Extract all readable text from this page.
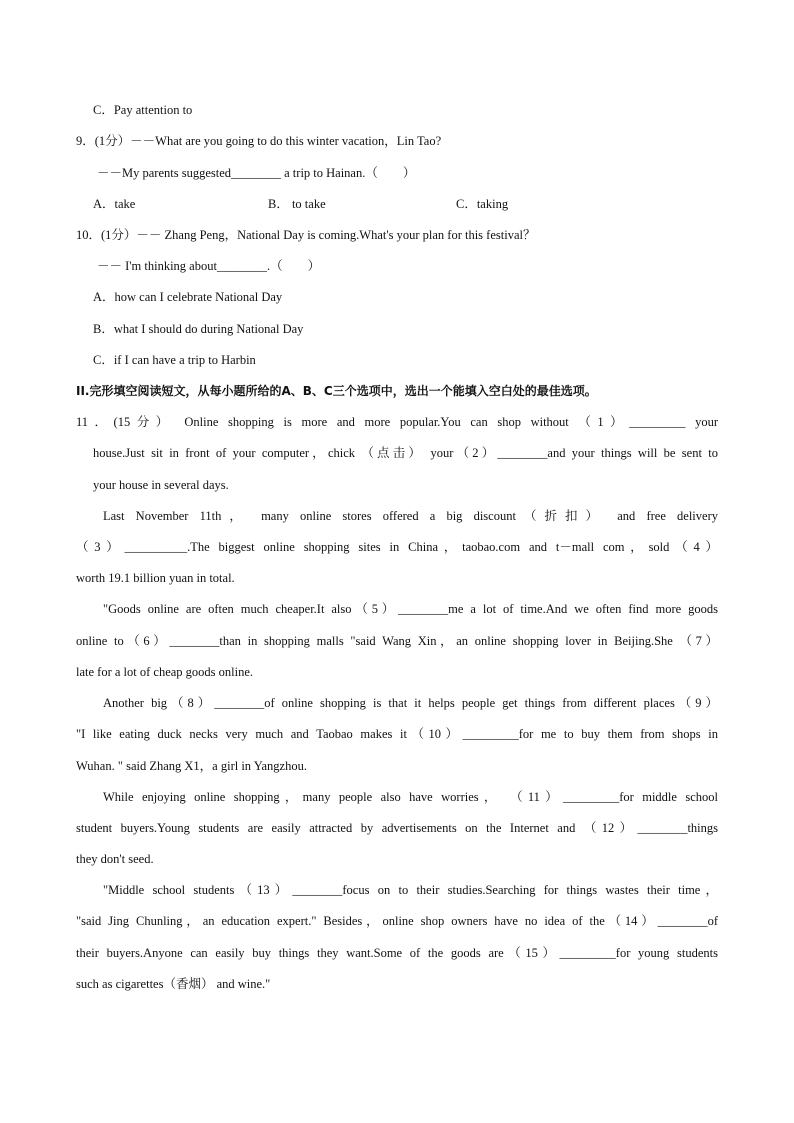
C．Pay attention to
9．(1分）－－What are you going to do this winter vacation，Lin Tao?
－－My parents suggested________ a trip to Hainan.（　　）
A．take	B． to take	C．taking
10．(1分）－－ Zhang Peng，National Day is coming.What's your plan for this festival？
－－ I'm thinking about________.（　　）
A．how can I celebrate National Day
B．what I should do during National Day
C．if I can have a trip to Harbin
II.完形填空阅读短文，从每小题所给的A、B、C三个选项中，选出一个能填入空白处的最佳选项。
11．(15分） Online shopping is more and more popular.You can shop without （1）_________ your
house.Just sit in front of your computer，chick （点击） your（2）________and your things will be sent to
your house in several days.
Last November 11th， many online stores offered a big discount（折扣） and free delivery
（3）__________.The biggest online shopping sites in China，taobao.com and t－mall com，sold（4）
worth 19.1 billion yuan in total.
"Goods online are often much cheaper.It also（5）________me a lot of time.And we often find more goods
online to（6）________than in shopping malls "said Wang Xin，an online shopping lover in Beijing.She （7）
late for a lot of cheap goods online.
Another big（8）________of online shopping is that it helps people get things from different places（9）
"I like eating duck necks very much and Taobao makes it（10）_________for me to buy them from shops in
Wuhan. " said Zhang X1，a girl in Yangzhou.
While enjoying online shopping，many people also have worries， （11）_________for middle school
student buyers.Young students are easily attracted by advertisements on the Internet and （12）________things
they don't seed.
"Middle school students（13）________focus on to their studies.Searching for things wastes their time，
"said Jing Chunling，an education expert." Besides，online shop owners have no idea of the（14）________of
their buyers.Anyone can easily buy things they want.Some of the goods are（15）_________for young students
such as cigarettes（香烟） and wine."
